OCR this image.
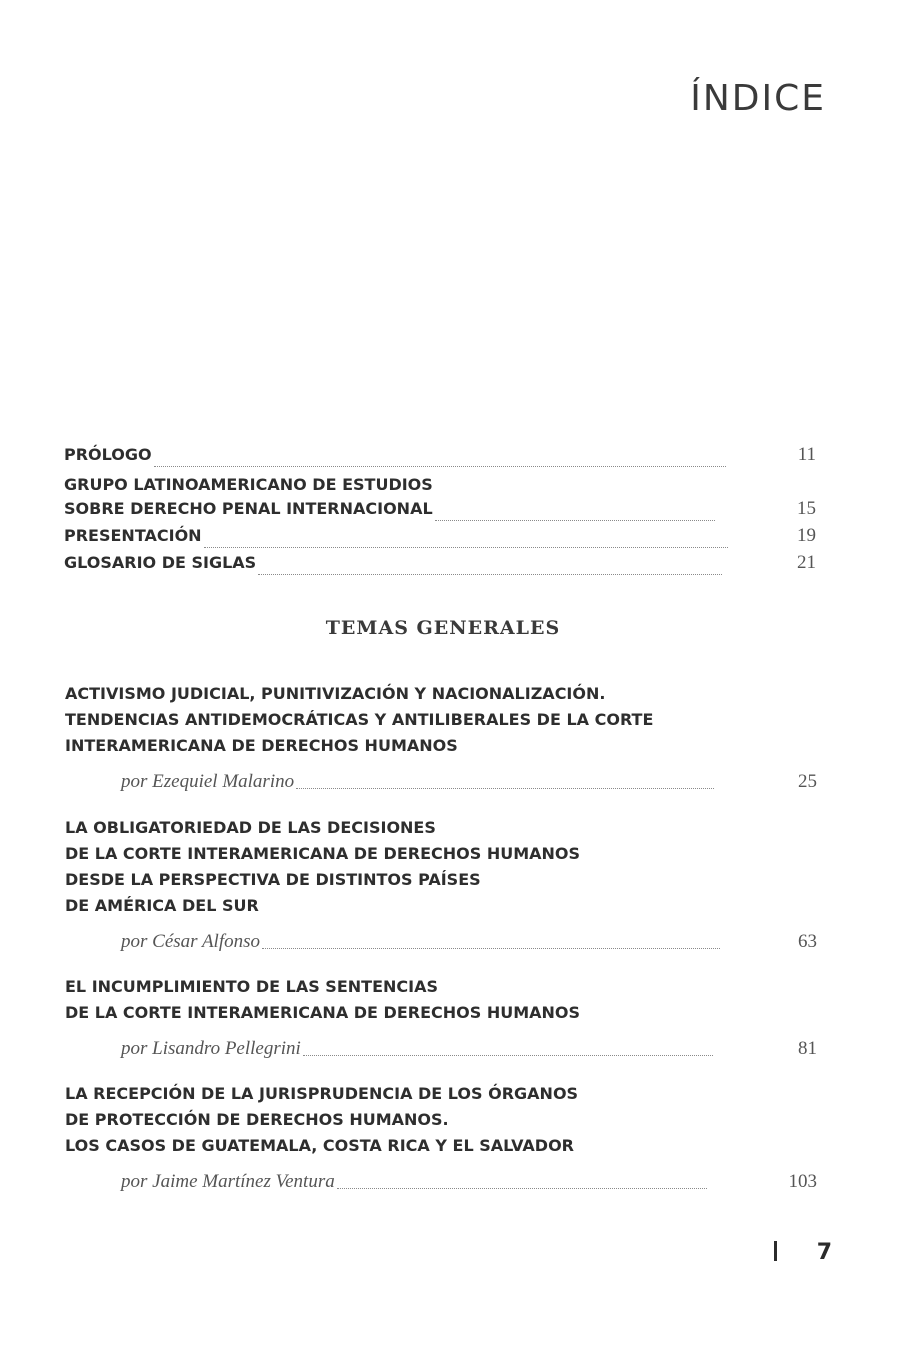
ÍNDICE
PRÓLOGO	11
GRUPO LATINOAMERICANO DE ESTUDIOS
SOBRE DERECHO PENAL INTERNACIONAL	15
PRESENTACIÓN	19
GLOSARIO DE SIGLAS	21
TEMAS GENERALES
ACTIVISMO JUDICIAL, PUNITIVIZACIÓN Y NACIONALIZACIÓN.
TENDENCIAS ANTIDEMOCRÁTICAS Y ANTILIBERALES DE LA CORTE
INTERAMERICANA DE DERECHOS HUMANOS
por Ezequiel Malarino	25
LA OBLIGATORIEDAD DE LAS DECISIONES
DE LA CORTE INTERAMERICANA DE DERECHOS HUMANOS
DESDE LA PERSPECTIVA DE DISTINTOS PAÍSES
DE AMÉRICA DEL SUR
por César Alfonso	63
EL INCUMPLIMIENTO DE LAS SENTENCIAS
DE LA CORTE INTERAMERICANA DE DERECHOS HUMANOS
por Lisandro Pellegrini	81
LA RECEPCIÓN DE LA JURISPRUDENCIA DE LOS ÓRGANOS
DE PROTECCIÓN DE DERECHOS HUMANOS.
LOS CASOS DE GUATEMALA, COSTA RICA Y EL SALVADOR
por Jaime Martínez Ventura	103
7
